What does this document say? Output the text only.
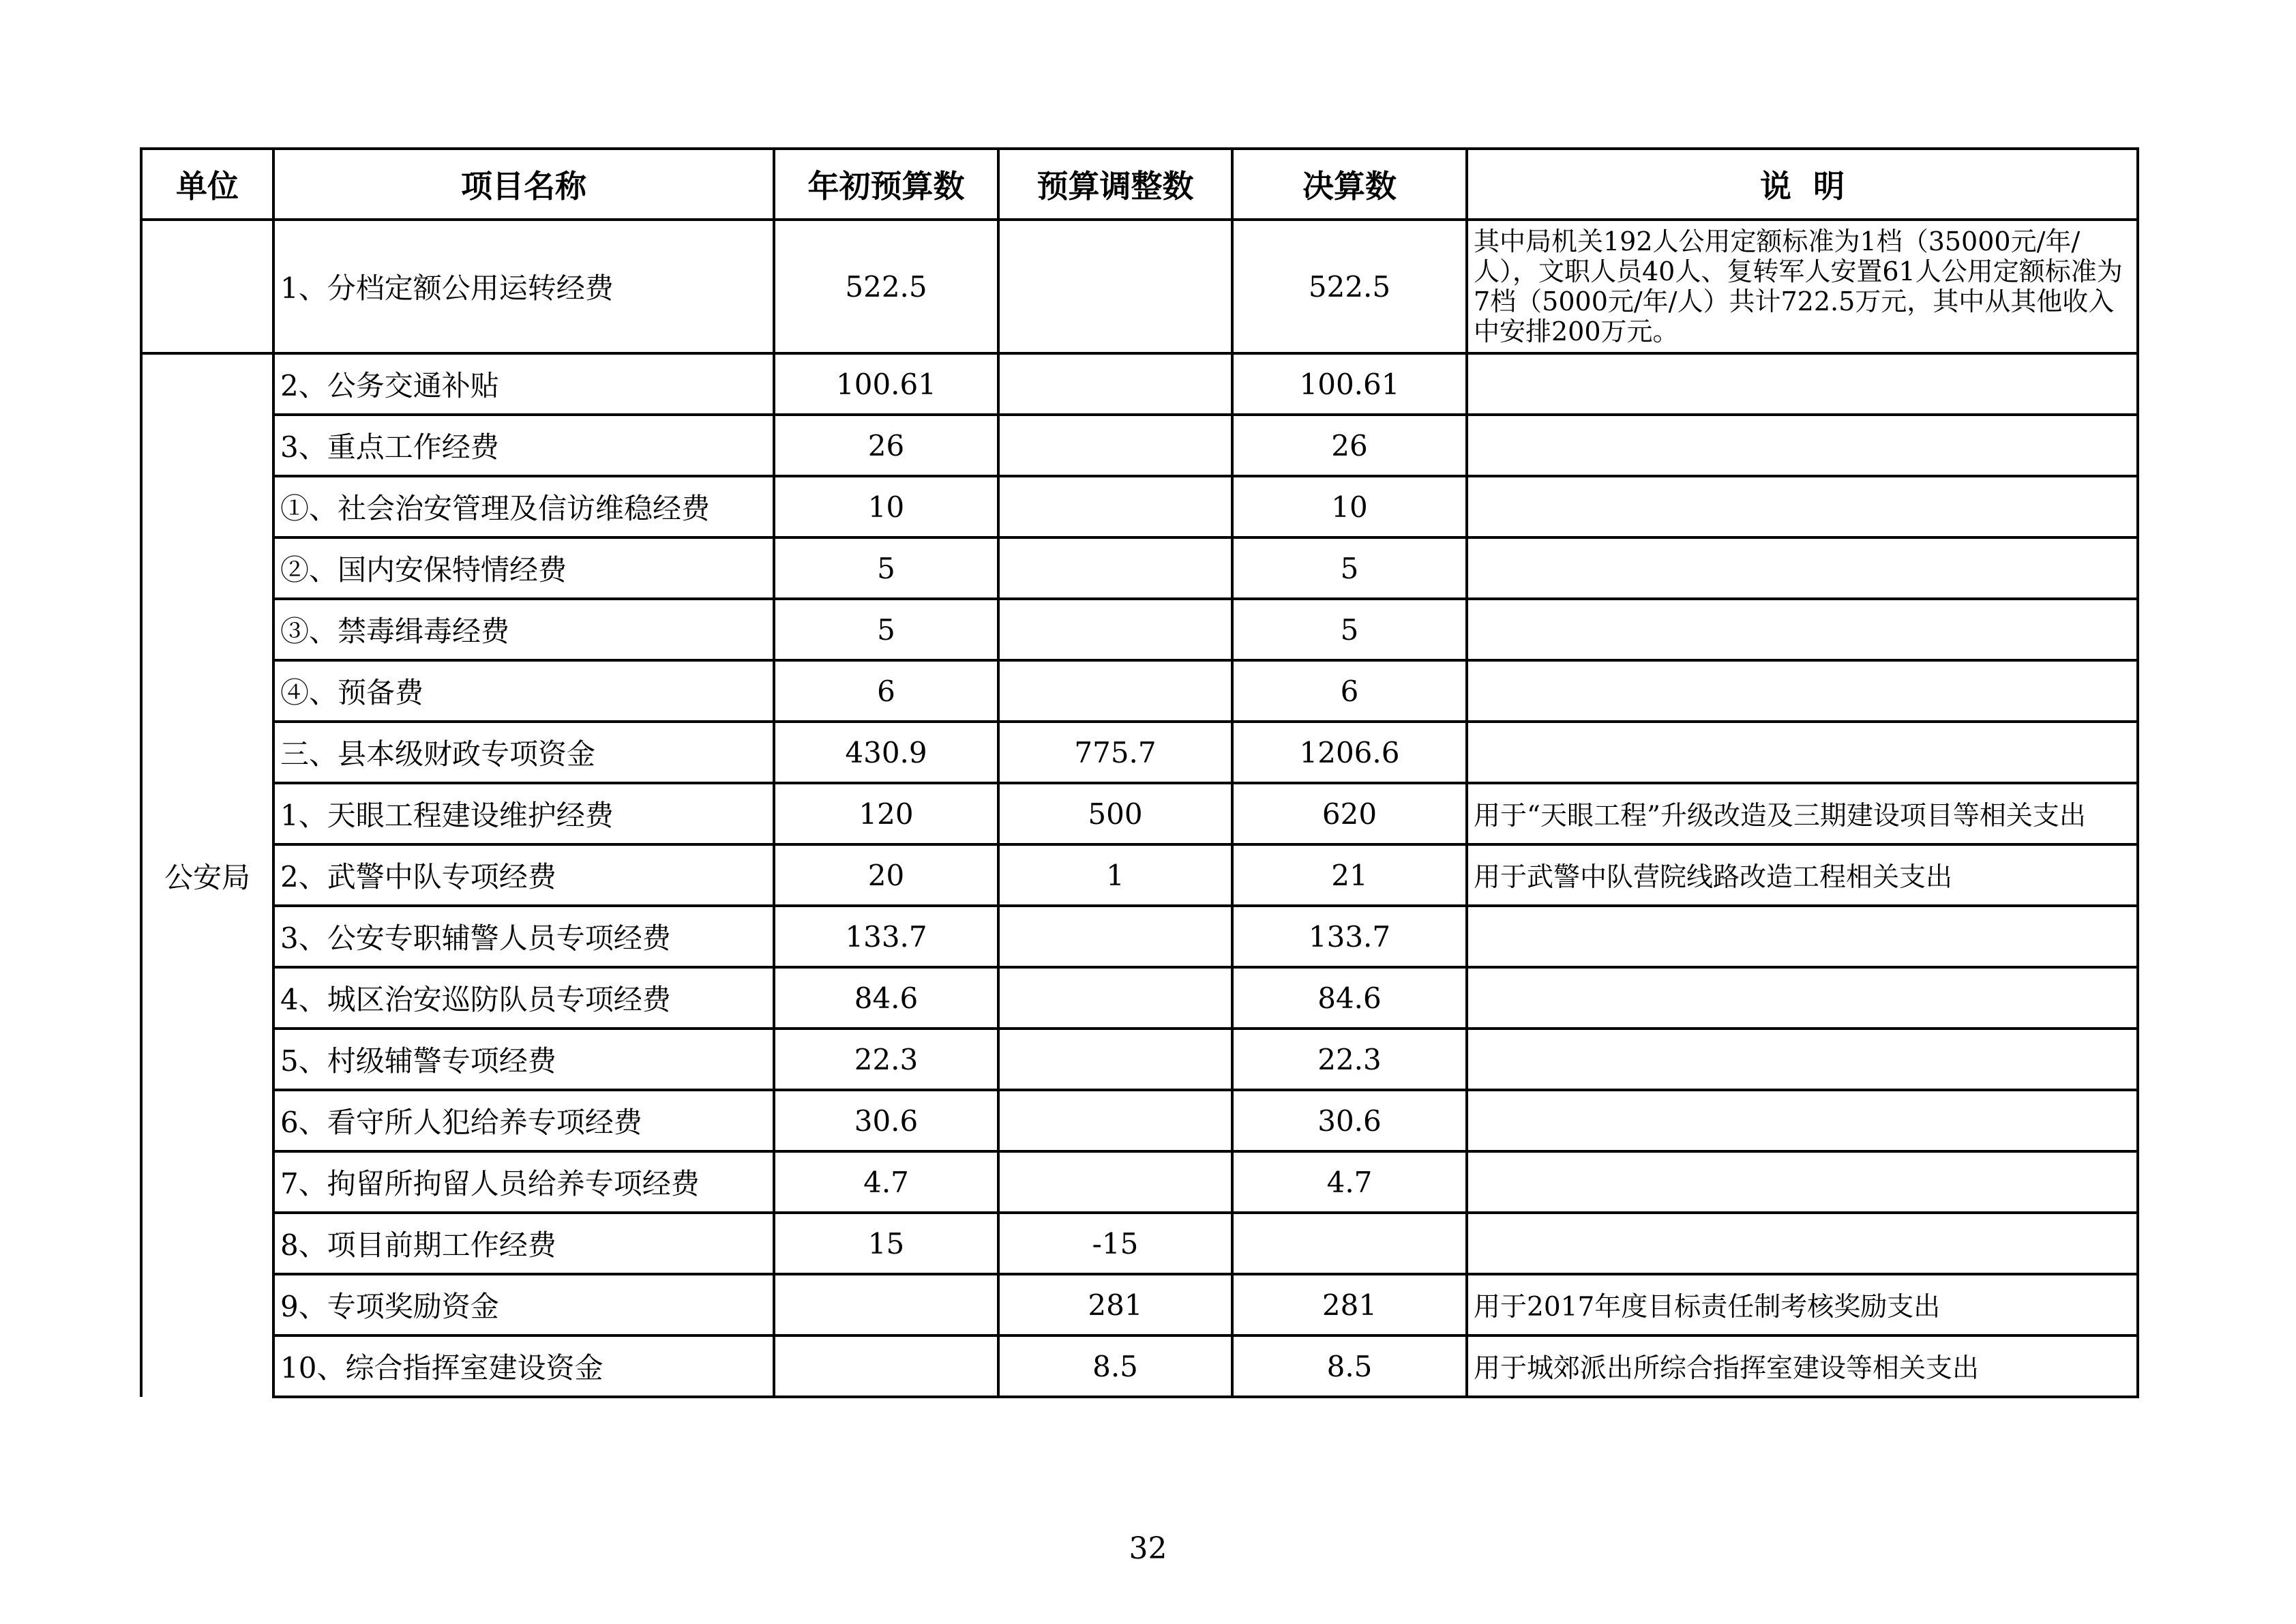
单位	项目名称	年初预算数	预算调整数	决算数	说  明
	1、分档定额公用运转经费	522.5		522.5	其中局机关192人公用定额标准为1档（35000元/年/人），文职人员40人、复转军人安置61人公用定额标准为7档（5000元/年/人）共计722.5万元，其中从其他收入中安排200万元。
公安局	2、公务交通补贴	100.61		100.61	
	3、重点工作经费	26		26	
	①、社会治安管理及信访维稳经费	10		10	
	②、国内安保特情经费	5		5	
	③、禁毒缉毒经费	5		5	
	④、预备费	6		6	
	三、县本级财政专项资金	430.9	775.7	1206.6	
	1、天眼工程建设维护经费	120	500	620	用于“天眼工程”升级改造及三期建设项目等相关支出
	2、武警中队专项经费	20	1	21	用于武警中队营院线路改造工程相关支出
	3、公安专职辅警人员专项经费	133.7		133.7	
	4、城区治安巡防队员专项经费	84.6		84.6	
	5、村级辅警专项经费	22.3		22.3	
	6、看守所人犯给养专项经费	30.6		30.6	
	7、拘留所拘留人员给养专项经费	4.7		4.7	
	8、项目前期工作经费	15	-15		
	9、专项奖励资金		281	281	用于2017年度目标责任制考核奖励支出
	10、综合指挥室建设资金		8.5	8.5	用于城郊派出所综合指挥室建设等相关支出
32
